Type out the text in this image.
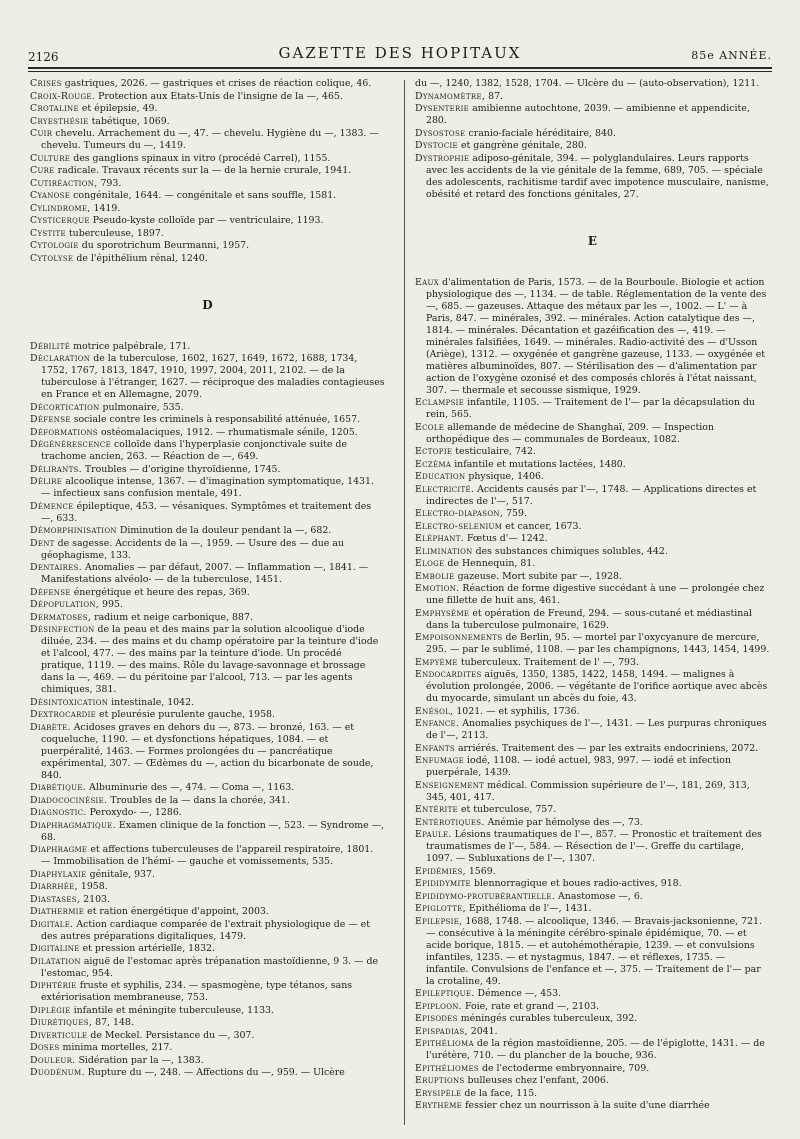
2126	GAZETTE DES HOPITAUX	85e ANNÉE.
Crises gastriques, 2026. — gastriques et crises de réaction colique, 46.
Croix-Rouge. Protection aux Etats-Unis de l'insigne de la —, 465.
Crotaline et épilepsie, 49.
Cryesthésie tabétique, 1069.
Cuir chevelu. Arrachement du —, 47. — chevelu. Hygiène du —, 1383. — chevelu. Tumeurs du —, 1419.
Culture des ganglions spinaux in vitro (procédé Carrel), 1155.
Cure radicale. Travaux récents sur la — de la hernie crurale, 1941.
Cutiréaction, 793.
Cyanose congénitale, 1644. — congénitale et sans souffle, 1581.
Cylindrome, 1419.
Cysticerque Pseudo-kyste colloïde par — ventriculaire, 1193.
Cystite tuberculeuse, 1897.
Cytologie du sporotrichum Beurmanni, 1957.
Cytolyse de l'épithélium rénal, 1240.
D
Débilité motrice palpébrale, 171.
Déclaration de la tuberculose, 1602, 1627, 1649, 1672, 1688, 1734, 1752, 1767, 1813, 1847, 1910, 1997, 2004, 2011, 2102. — de la tuberculose à l'étranger, 1627. — réciproque des maladies contagieuses en France et en Allemagne, 2079.
Décortication pulmonaire, 535.
Défense sociale contre les criminels à responsabilité atténuée, 1657.
Déformations ostéomalaciques, 1912. — rhumatismale sénile, 1205.
Dégénérescence colloïde dans l'hyperplasie conjonctivale suite de trachome ancien, 263. — Réaction de —, 649.
Délirants. Troubles — d'origine thyroïdienne, 1745.
Délire alcoolique intense, 1367. — d'imagination symptomatique, 1431. — infectieux sans confusion mentale, 491.
Démence épileptique, 453. — vésaniques. Symptômes et traitement des —, 633.
Démorphinisation Diminution de la douleur pendant la —, 682.
Dent de sagesse. Accidents de la —, 1959. — Usure des — due au géophagisme, 133.
Dentaires. Anomalies — par défaut, 2007. — Inflammation —, 1841. — Manifestations alvéolo- — de la tuberculose, 1451.
Défense énergétique et heure des repas, 369.
Dépopulation, 995.
Dermatoses, radium et neige carbonique, 887.
Désinfection de la peau et des mains par la solution alcoolique d'iode diluée, 234. — des mains et du champ opératoire par la teinture d'iode et l'alcool, 477. — des mains par la teinture d'iode. Un procédé pratique, 1119. — des mains. Rôle du lavage-savonnage et brossage dans la —, 469. — du péritoine par l'alcool, 713. — par les agents chimiques, 381.
Désintoxication intestinale, 1042.
Dextrocardie et pleurésie purulente gauche, 1958.
Diabète. Acidoses graves en dehors du —, 873. — bronzé, 163. — et coqueluche, 1190. — et dysfonctions hépatiques, 1084. — et puerpéralité, 1463. — Formes prolongées du — pancréatique expérimental, 307. — Œdèmes du —, action du bicarbonate de soude, 840.
Diabétique. Albuminurie des —, 474. — Coma —, 1163.
Diadococinésie. Troubles de la — dans la chorée, 341.
Diagnostic. Peroxydo- —, 1286.
Diaphragmatique. Examen clinique de la fonction —, 523. — Syndrome —, 68.
Diaphragme et affections tuberculeuses de l'appareil respiratoire, 1801. — Immobilisation de l'hémi- — gauche et vomissements, 535.
Diaphylaxie génitale, 937.
Diarrhée, 1958.
Diastases, 2103.
Diathermie et ration énergétique d'appoint, 2003.
Digitale. Action cardiaque comparée de l'extrait physiologique de — et des autres préparations digitaliques, 1479.
Digitaline et pression artérielle, 1832.
Dilatation aiguë de l'estomac après trépanation mastoïdienne, 9 3. — de l'estomac, 954.
Diphtérie fruste et syphilis, 234. — spasmogène, type tétanos, sans extériorisation membraneuse, 753.
Diplégie infantile et méningite tuberculeuse, 1133.
Diurétiques, 87, 148.
Diverticule de Meckel. Persistance du —, 307.
Doses minima mortelles, 217.
Douleur. Sidération par la —, 1383.
Duodénum. Rupture du —, 248. — Affections du —, 959. — Ulcère
du —, 1240, 1382, 1528, 1704. — Ulcère du — (auto-observation), 1211.
Dynamomètre, 87.
Dysenterie amibienne autochtone, 2039. — amibienne et appendicite, 280.
Dysostose cranio-faciale héréditaire, 840.
Dystocie et gangrène génitale, 280.
Dystrophie adiposo-génitale, 394. — polyglandulaires. Leurs rapports avec les accidents de la vie génitale de la femme, 689, 705. — spéciale des adolescents, rachitisme tardif avec impotence musculaire, nanisme, obésité et retard des fonctions génitales, 27.
E
Eaux d'alimentation de Paris, 1573. — de la Bourboule. Biologie et action physiologique des —, 1134. — de table. Réglementation de la vente des —, 685. — gazeuses. Attaque des métaux par les —, 1002. — L' — à Paris, 847. — minérales, 392. — minérales. Action catalytique des —, 1814. — minérales. Décantation et gazéification des —, 419. — minérales falsifiées, 1649. — minérales. Radio-activité des — d'Usson (Ariège), 1312. — oxygénée et gangrène gazeuse, 1133. — oxygénée et matières albuminoïdes, 807. — Stérilisation des — d'alimentation par action de l'oxygène ozonisé et des composés chlorés à l'état naissant, 307. — thermale et secousse sismique, 1929.
Eclampsie infantile, 1105. — Traitement de l'— par la décapsulation du rein, 565.
Ecole allemande de médecine de Shanghaï, 209. — Inspection orthopédique des — communales de Bordeaux, 1082.
Ectopie testiculaire, 742.
Eczéma infantile et mutations lactées, 1480.
Education physique, 1406.
Electricité. Accidents causés par l'—, 1748. — Applications directes et indirectes de l'—, 517.
Electro-diapason, 759.
Electro-selenium et cancer, 1673.
Eléphant. Fœtus d'— 1242.
Elimination des substances chimiques solubles, 442.
Eloge de Hennequin, 81.
Embolie gazeuse. Mort subite par —, 1928.
Emotion. Réaction de forme digestive succédant à une — prolongée chez une fillette de huit ans, 461.
Emphysème et opération de Freund, 294. — sous-cutané et médiastinal dans la tuberculose pulmonaire, 1629.
Empoisonnements de Berlin, 95. — mortel par l'oxycyanure de mercure, 295. — par le sublimé, 1108. — par les champignons, 1443, 1454, 1499.
Empyème tuberculeux. Traitement de l' —, 793.
Endocardites aiguës, 1350, 1385, 1422, 1458, 1494. — malignes à évolution prolongée, 2006. — végétante de l'orifice aortique avec abcès du myocarde, simulant un abcès du foie, 43.
Enésol, 1021. — et syphilis, 1736.
Enfance. Anomalies psychiques de l'—, 1431. — Les purpuras chroniques de l'—, 2113.
Enfants arriérés. Traitement des — par les extraits endocriniens, 2072.
Enfumage iodé, 1108. — iodé actuel, 983, 997. — iodé et infection puerpérale, 1439.
Enseignement médical. Commission supérieure de l'—, 181, 269, 313, 345, 401, 417.
Entérite et tuberculose, 757.
Entérotiques. Anémie par hémolyse des —, 73.
Epaule. Lésions traumatiques de l'—, 857. — Pronostic et traitement des traumatismes de l'—, 584. — Résection de l'—. Greffe du cartilage, 1097. — Subluxations de l'—, 1307.
Epidémies, 1569.
Epididymite blennorragique et boues radio-actives, 918.
Epididymo-protubérantielle. Anastomose —, 6.
Epiglotte, Epithélioma de l'—, 1431.
Epilepsie, 1688, 1748. — alcoolique, 1346. — Bravais-jacksonienne, 721. — consécutive à la méningite cérébro-spinale épidémique, 70. — et acide borique, 1815. — et autohémothérapie, 1239. — et convulsions infantiles, 1235. — et nystagmus, 1847. — et réflexes, 1735. — infantile. Convulsions de l'enfance et —, 375. — Traitement de l'— par la crotaline, 49.
Epileptique. Démence —, 453.
Epiploon. Foie, rate et grand —, 2103.
Episodes méningés curables tuberculeux, 392.
Epispadias, 2041.
Epithélioma de la région mastoïdienne, 205. — de l'épiglotte, 1431. — de l'urétère, 710. — du plancher de la bouche, 936.
Epithéliomes de l'ectoderme embryonnaire, 709.
Eruptions bulleuses chez l'enfant, 2006.
Erysipèle de la face, 115.
Erythème fessier chez un nourrisson à la suite d'une diarrhée
